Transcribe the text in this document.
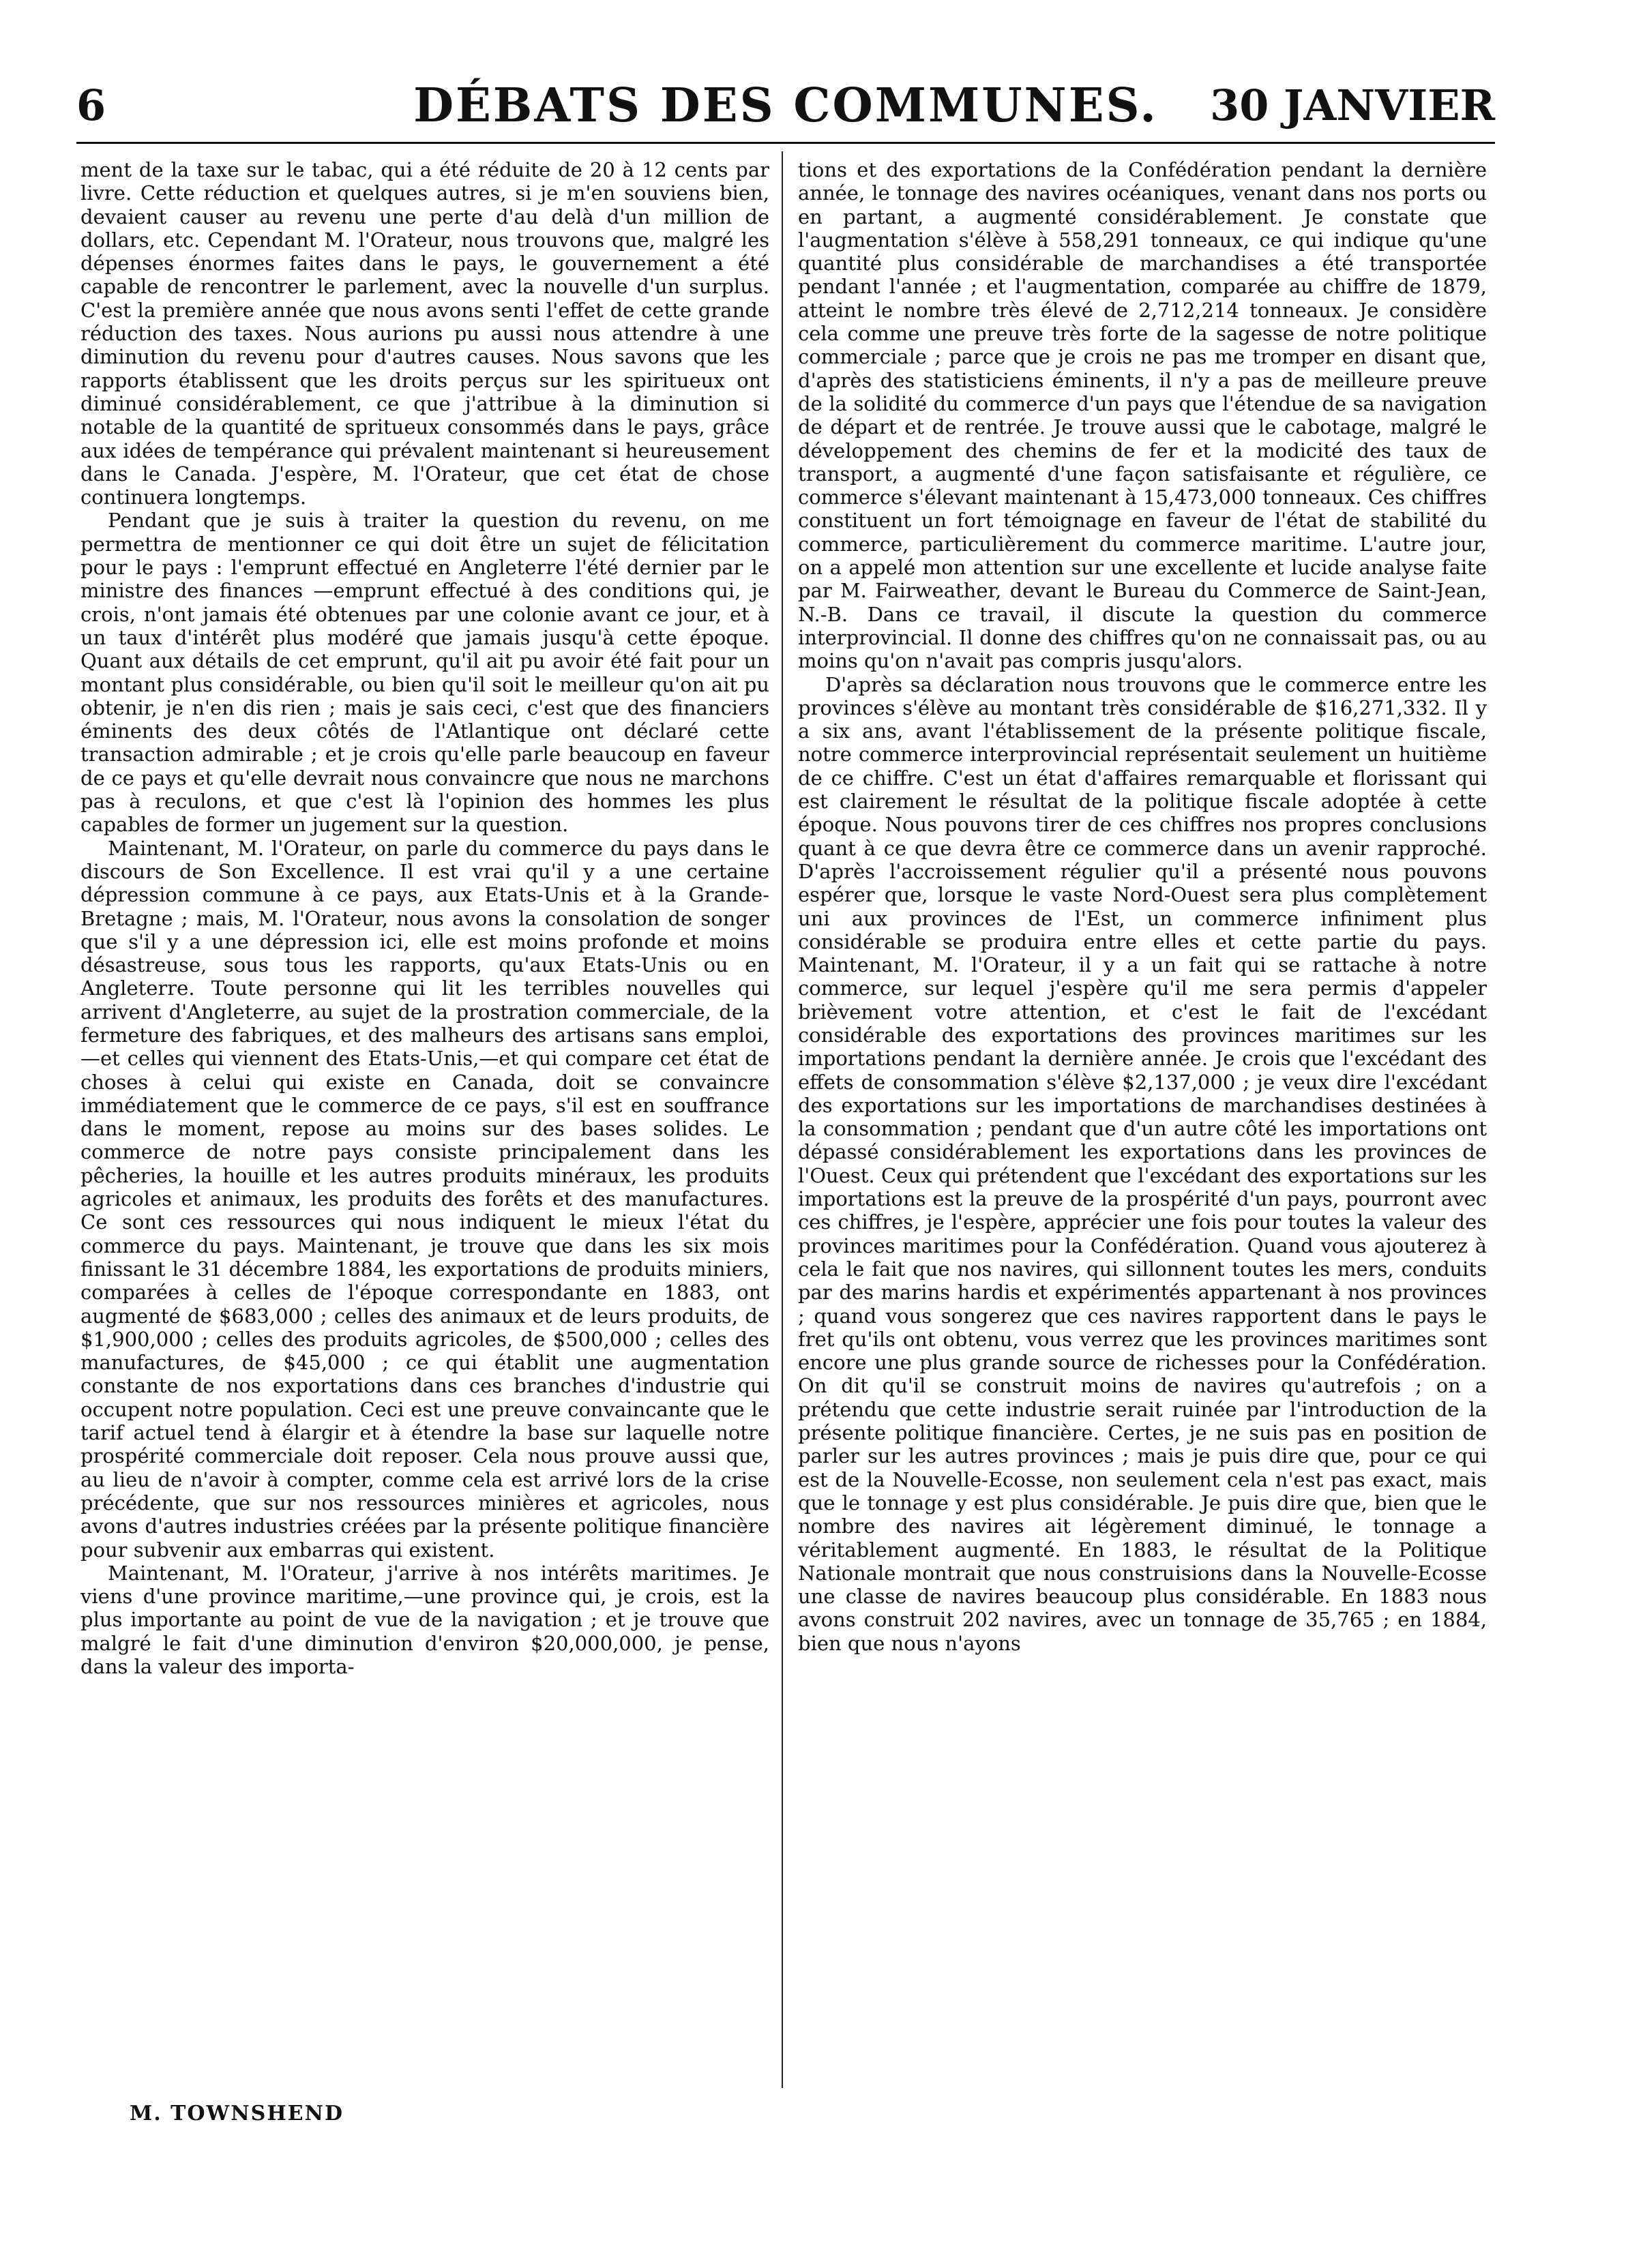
6	DÉBATS DES COMMUNES.	30 JANVIER

ment de la taxe sur le tabac, qui a été réduite de 20 à 12 cents par livre. Cette réduction et quelques autres, si je m'en souviens bien, devaient causer au revenu une perte d'au delà d'un million de dollars, etc. Cependant M. l'Orateur, nous trouvons que, malgré les dépenses énormes faites dans le pays, le gouvernement a été capable de rencontrer le parlement, avec la nouvelle d'un surplus. C'est la première année que nous avons senti l'effet de cette grande réduction des taxes. Nous aurions pu aussi nous attendre à une diminution du revenu pour d'autres causes. Nous savons que les rapports établissent que les droits perçus sur les spiritueux ont diminué considérablement, ce que j'attribue à la diminution si notable de la quantité de spritueux consommés dans le pays, grâce aux idées de tempérance qui prévalent maintenant si heureusement dans le Canada. J'espère, M. l'Orateur, que cet état de chose continuera longtemps.

Pendant que je suis à traiter la question du revenu, on me permettra de mentionner ce qui doit être un sujet de félicitation pour le pays : l'emprunt effectué en Angleterre l'été dernier par le ministre des finances —emprunt effectué à des conditions qui, je crois, n'ont jamais été obtenues par une colonie avant ce jour, et à un taux d'intérêt plus modéré que jamais jusqu'à cette époque. Quant aux détails de cet emprunt, qu'il ait pu avoir été fait pour un montant plus considérable, ou bien qu'il soit le meilleur qu'on ait pu obtenir, je n'en dis rien ; mais je sais ceci, c'est que des financiers éminents des deux côtés de l'Atlantique ont déclaré cette transaction admirable ; et je crois qu'elle parle beaucoup en faveur de ce pays et qu'elle devrait nous convaincre que nous ne marchons pas à reculons, et que c'est là l'opinion des hommes les plus capables de former un jugement sur la question.

Maintenant, M. l'Orateur, on parle du commerce du pays dans le discours de Son Excellence. Il est vrai qu'il y a une certaine dépression commune à ce pays, aux Etats-Unis et à la Grande-Bretagne ; mais, M. l'Orateur, nous avons la consolation de songer que s'il y a une dépression ici, elle est moins profonde et moins désastreuse, sous tous les rapports, qu'aux Etats-Unis ou en Angleterre. Toute personne qui lit les terribles nouvelles qui arrivent d'Angleterre, au sujet de la prostration commerciale, de la fermeture des fabriques, et des malheurs des artisans sans emploi,—et celles qui viennent des Etats-Unis,—et qui compare cet état de choses à celui qui existe en Canada, doit se convaincre immédiatement que le commerce de ce pays, s'il est en souffrance dans le moment, repose au moins sur des bases solides. Le commerce de notre pays consiste principalement dans les pêcheries, la houille et les autres produits minéraux, les produits agricoles et animaux, les produits des forêts et des manufactures. Ce sont ces ressources qui nous indiquent le mieux l'état du commerce du pays. Maintenant, je trouve que dans les six mois finissant le 31 décembre 1884, les exportations de produits miniers, comparées à celles de l'époque correspondante en 1883, ont augmenté de $683,000 ; celles des animaux et de leurs produits, de $1,900,000 ; celles des produits agricoles, de $500,000 ; celles des manufactures, de $45,000 ; ce qui établit une augmentation constante de nos exportations dans ces branches d'industrie qui occupent notre population. Ceci est une preuve convaincante que le tarif actuel tend à élargir et à étendre la base sur laquelle notre prospérité commerciale doit reposer. Cela nous prouve aussi que, au lieu de n'avoir à compter, comme cela est arrivé lors de la crise précédente, que sur nos ressources minières et agricoles, nous avons d'autres industries créées par la présente politique financière pour subvenir aux embarras qui existent.

Maintenant, M. l'Orateur, j'arrive à nos intérêts maritimes. Je viens d'une province maritime,—une province qui, je crois, est la plus importante au point de vue de la navigation ; et je trouve que malgré le fait d'une diminution d'environ $20,000,000, je pense, dans la valeur des importa-

tions et des exportations de la Confédération pendant la dernière année, le tonnage des navires océaniques, venant dans nos ports ou en partant, a augmenté considérablement. Je constate que l'augmentation s'élève à 558,291 tonneaux, ce qui indique qu'une quantité plus considérable de marchandises a été transportée pendant l'année ; et l'augmentation, comparée au chiffre de 1879, atteint le nombre très élevé de 2,712,214 tonneaux. Je considère cela comme une preuve très forte de la sagesse de notre politique commerciale ; parce que je crois ne pas me tromper en disant que, d'après des statisticiens éminents, il n'y a pas de meilleure preuve de la solidité du commerce d'un pays que l'étendue de sa navigation de départ et de rentrée. Je trouve aussi que le cabotage, malgré le développement des chemins de fer et la modicité des taux de transport, a augmenté d'une façon satisfaisante et régulière, ce commerce s'élevant maintenant à 15,473,000 tonneaux. Ces chiffres constituent un fort témoignage en faveur de l'état de stabilité du commerce, particulièrement du commerce maritime. L'autre jour, on a appelé mon attention sur une excellente et lucide analyse faite par M. Fairweather, devant le Bureau du Commerce de Saint-Jean, N.-B. Dans ce travail, il discute la question du commerce interprovincial. Il donne des chiffres qu'on ne connaissait pas, ou au moins qu'on n'avait pas compris jusqu'alors.

D'après sa déclaration nous trouvons que le commerce entre les provinces s'élève au montant très considérable de $16,271,332. Il y a six ans, avant l'établissement de la présente politique fiscale, notre commerce interprovincial représentait seulement un huitième de ce chiffre. C'est un état d'affaires remarquable et florissant qui est clairement le résultat de la politique fiscale adoptée à cette époque. Nous pouvons tirer de ces chiffres nos propres conclusions quant à ce que devra être ce commerce dans un avenir rapproché. D'après l'accroissement régulier qu'il a présenté nous pouvons espérer que, lorsque le vaste Nord-Ouest sera plus complètement uni aux provinces de l'Est, un commerce infiniment plus considérable se produira entre elles et cette partie du pays. Maintenant, M. l'Orateur, il y a un fait qui se rattache à notre commerce, sur lequel j'espère qu'il me sera permis d'appeler brièvement votre attention, et c'est le fait de l'excédant considérable des exportations des provinces maritimes sur les importations pendant la dernière année. Je crois que l'excédant des effets de consommation s'élève $2,137,000 ; je veux dire l'excédant des exportations sur les importations de marchandises destinées à la consommation ; pendant que d'un autre côté les importations ont dépassé considérablement les exportations dans les provinces de l'Ouest. Ceux qui prétendent que l'excédant des exportations sur les importations est la preuve de la prospérité d'un pays, pourront avec ces chiffres, je l'espère, apprécier une fois pour toutes la valeur des provinces maritimes pour la Confédération. Quand vous ajouterez à cela le fait que nos navires, qui sillonnent toutes les mers, conduits par des marins hardis et expérimentés appartenant à nos provinces ; quand vous songerez que ces navires rapportent dans le pays le fret qu'ils ont obtenu, vous verrez que les provinces maritimes sont encore une plus grande source de richesses pour la Confédération. On dit qu'il se construit moins de navires qu'autrefois ; on a prétendu que cette industrie serait ruinée par l'introduction de la présente politique financière. Certes, je ne suis pas en position de parler sur les autres provinces ; mais je puis dire que, pour ce qui est de la Nouvelle-Ecosse, non seulement cela n'est pas exact, mais que le tonnage y est plus considérable. Je puis dire que, bien que le nombre des navires ait légèrement diminué, le tonnage a véritablement augmenté. En 1883, le résultat de la Politique Nationale montrait que nous construisions dans la Nouvelle-Ecosse une classe de navires beaucoup plus considérable. En 1883 nous avons construit 202 navires, avec un tonnage de 35,765 ; en 1884, bien que nous n'ayons

M. TOWNSHEND
